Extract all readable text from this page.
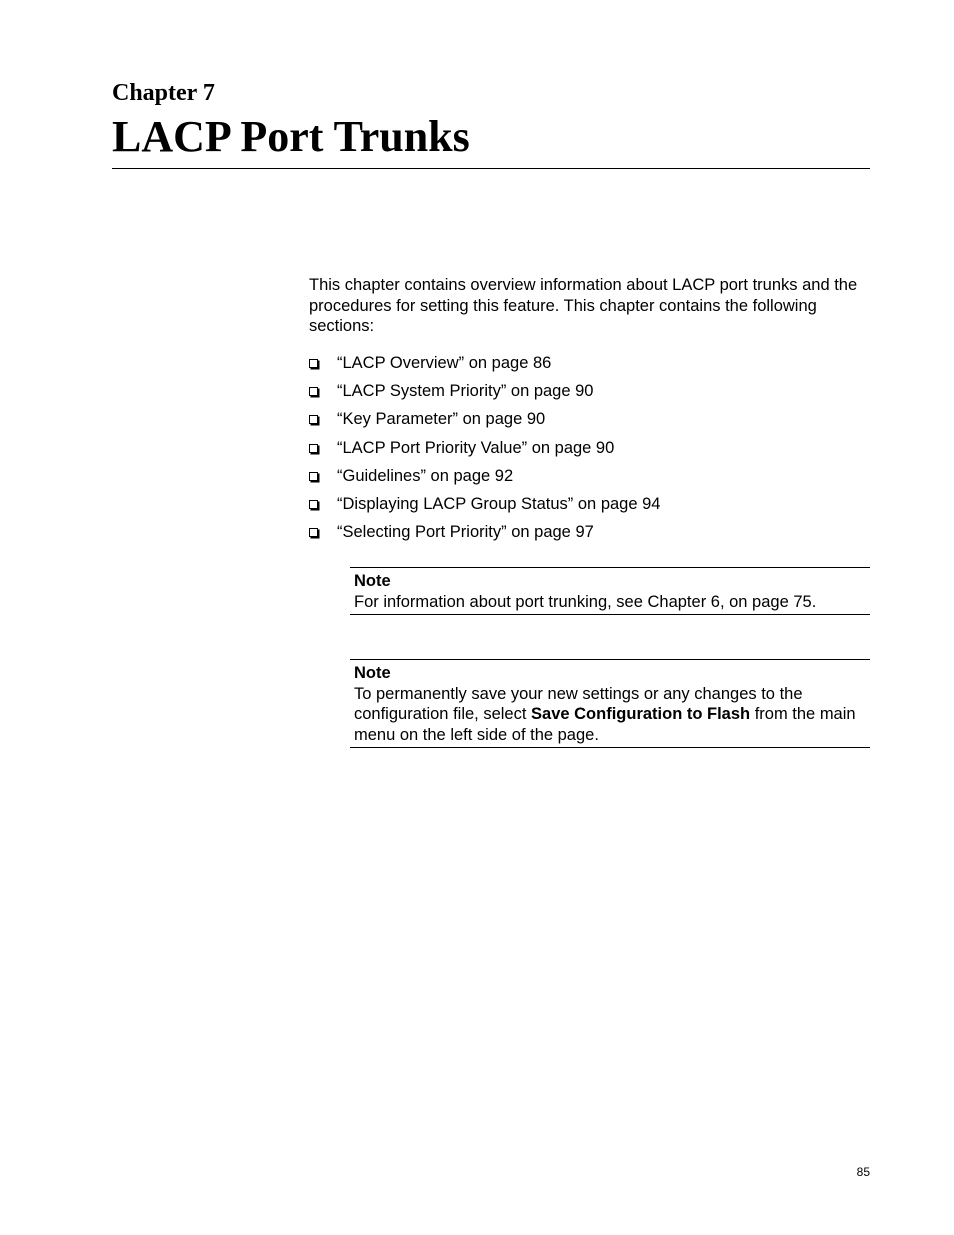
Chapter 7
LACP Port Trunks

This chapter contains overview information about LACP port trunks and the procedures for setting this feature. This chapter contains the following sections:

“LACP Overview” on page 86
“LACP System Priority” on page 90
“Key Parameter” on page 90
“LACP Port Priority Value” on page 90
“Guidelines” on page 92
“Displaying LACP Group Status” on page 94
“Selecting Port Priority” on page 97
Note
For information about port trunking, see Chapter 6, on page 75.
Note
To permanently save your new settings or any changes to the configuration file, select Save Configuration to Flash from the main menu on the left side of the page.
85
